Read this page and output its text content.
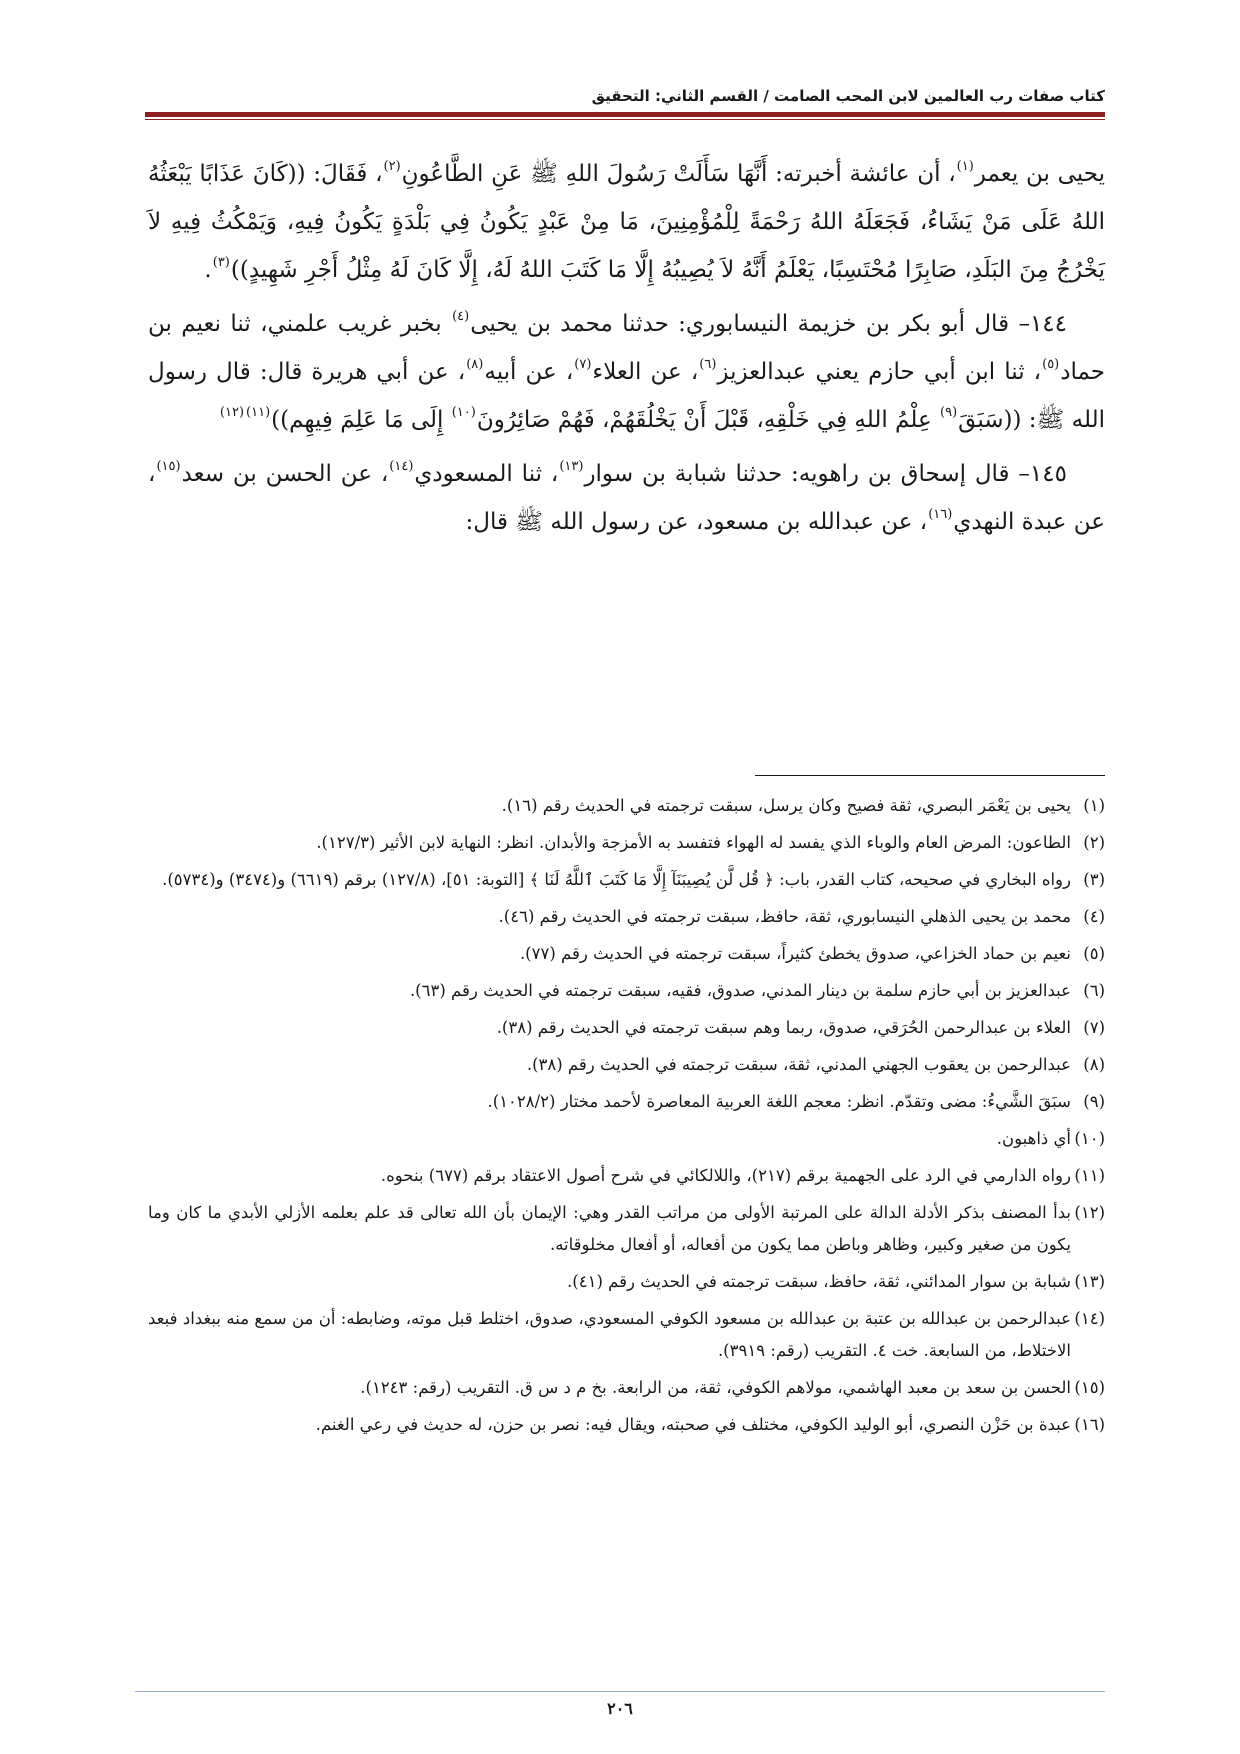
كتاب صفات رب العالمين لابن المحب الصامت / القسم الثاني: التحقيق

يحيى بن يعمر$^{(١)}$، أن عائشة أخبرته: أَنَّهَا سَأَلَتْ رَسُولَ اللهِ ﷺ عَنِ الطَّاعُونِ$^{(٢)}$، فَقَالَ: ((كَانَ عَذَابًا يَبْعَثُهُ اللهُ عَلَى مَنْ يَشَاءُ، فَجَعَلَهُ اللهُ رَحْمَةً لِلْمُؤْمِنِينَ، مَا مِنْ عَبْدٍ يَكُونُ فِي بَلْدَةٍ يَكُونُ فِيهِ، وَيَمْكُثُ فِيهِ لاَ يَخْرُجُ مِنَ البَلَدِ، صَابِرًا مُحْتَسِبًا، يَعْلَمُ أَنَّهُ لاَ يُصِيبُهُ إِلَّا مَا كَتَبَ اللهُ لَهُ، إِلَّا كَانَ لَهُ مِثْلُ أَجْرِ شَهِيدٍ))$^{(٣)}$.

١٤٤– قال أبو بكر بن خزيمة النيسابوري: حدثنا محمد بن يحيى$^{(٤)}$ بخبر غريب علمني، ثنا نعيم بن حماد$^{(٥)}$، ثنا ابن أبي حازم يعني عبدالعزيز$^{(٦)}$، عن العلاء$^{(٧)}$، عن أبيه$^{(٨)}$، عن أبي هريرة قال: قال رسول الله ﷺ: ((سَبَقَ$^{(٩)}$ عِلْمُ اللهِ فِي خَلْقِهِ، قَبْلَ أَنْ يَخْلُقَهُمْ، فَهُمْ صَائِرُونَ$^{(١٠)}$ إِلَى مَا عَلِمَ فِيهِم))$^{(١١)(١٢)}$

١٤٥– قال إسحاق بن راهويه: حدثنا شبابة بن سوار$^{(١٣)}$، ثنا المسعودي$^{(١٤)}$، عن الحسن بن سعد$^{(١٥)}$، عن عبدة النهدي$^{(١٦)}$، عن عبدالله بن مسعود، عن رسول الله ﷺ قال:

(١)يحيى بن يَعْمَر البصري، ثقة فصيح وكان يرسل، سبقت ترجمته في الحديث رقم (١٦).
(٢)الطاعون: المرض العام والوباء الذي يفسد له الهواء فتفسد به الأمزجة والأبدان. انظر: النهاية لابن الأثير (١٢٧/٣).
(٣)رواه البخاري في صحيحه، كتاب القدر، باب: ﴿ قُل لَّن يُصِيبَنَآ إِلَّا مَا كَتَبَ ٱللَّهُ لَنَا ﴾ [التوبة: ٥١]، (١٢٧/٨) برقم (٦٦١٩) و(٣٤٧٤) و(٥٧٣٤).
(٤)محمد بن يحيى الذهلي النيسابوري، ثقة، حافظ، سبقت ترجمته في الحديث رقم (٤٦).
(٥)نعيم بن حماد الخزاعي، صدوق يخطئ كثيراً، سبقت ترجمته في الحديث رقم (٧٧).
(٦)عبدالعزيز بن أبي حازم سلمة بن دينار المدني، صدوق، فقيه، سبقت ترجمته في الحديث رقم (٦٣).
(٧)العلاء بن عبدالرحمن الحُرَقي، صدوق، ربما وهم سبقت ترجمته في الحديث رقم (٣٨).
(٨)عبدالرحمن بن يعقوب الجهني المدني، ثقة، سبقت ترجمته في الحديث رقم (٣٨).
(٩)سبَقَ الشَّيءُ: مضى وتقدّم. انظر: معجم اللغة العربية المعاصرة لأحمد مختار (١٠٢٨/٢).
(١٠)أي ذاهبون.
(١١)رواه الدارمي في الرد على الجهمية برقم (٢١٧)، واللالكائي في شرح أصول الاعتقاد برقم (٦٧٧) بنحوه.
(١٢)بدأ المصنف بذكر الأدلة الدالة على المرتبة الأولى من مراتب القدر وهي: الإيمان بأن الله تعالى قد علم بعلمه الأزلي الأبدي ما كان وما يكون من صغير وكبير، وظاهر وباطن مما يكون من أفعاله، أو أفعال مخلوقاته.
(١٣)شبابة بن سوار المدائني، ثقة، حافظ، سبقت ترجمته في الحديث رقم (٤١).
(١٤)عبدالرحمن بن عبدالله بن عتبة بن عبدالله بن مسعود الكوفي المسعودي، صدوق، اختلط قبل موته، وضابطه: أن من سمع منه ببغداد فبعد الاختلاط، من السابعة. خت ٤. التقريب (رقم: ٣٩١٩).
(١٥)الحسن بن سعد بن معبد الهاشمي، مولاهم الكوفي، ثقة، من الرابعة. بخ م د س ق. التقريب (رقم: ١٢٤٣).
(١٦)عبدة بن حَزْن النصري، أبو الوليد الكوفي، مختلف في صحبته، ويقال فيه: نصر بن حزن، له حديث في رعي الغنم.
٢٠٦
